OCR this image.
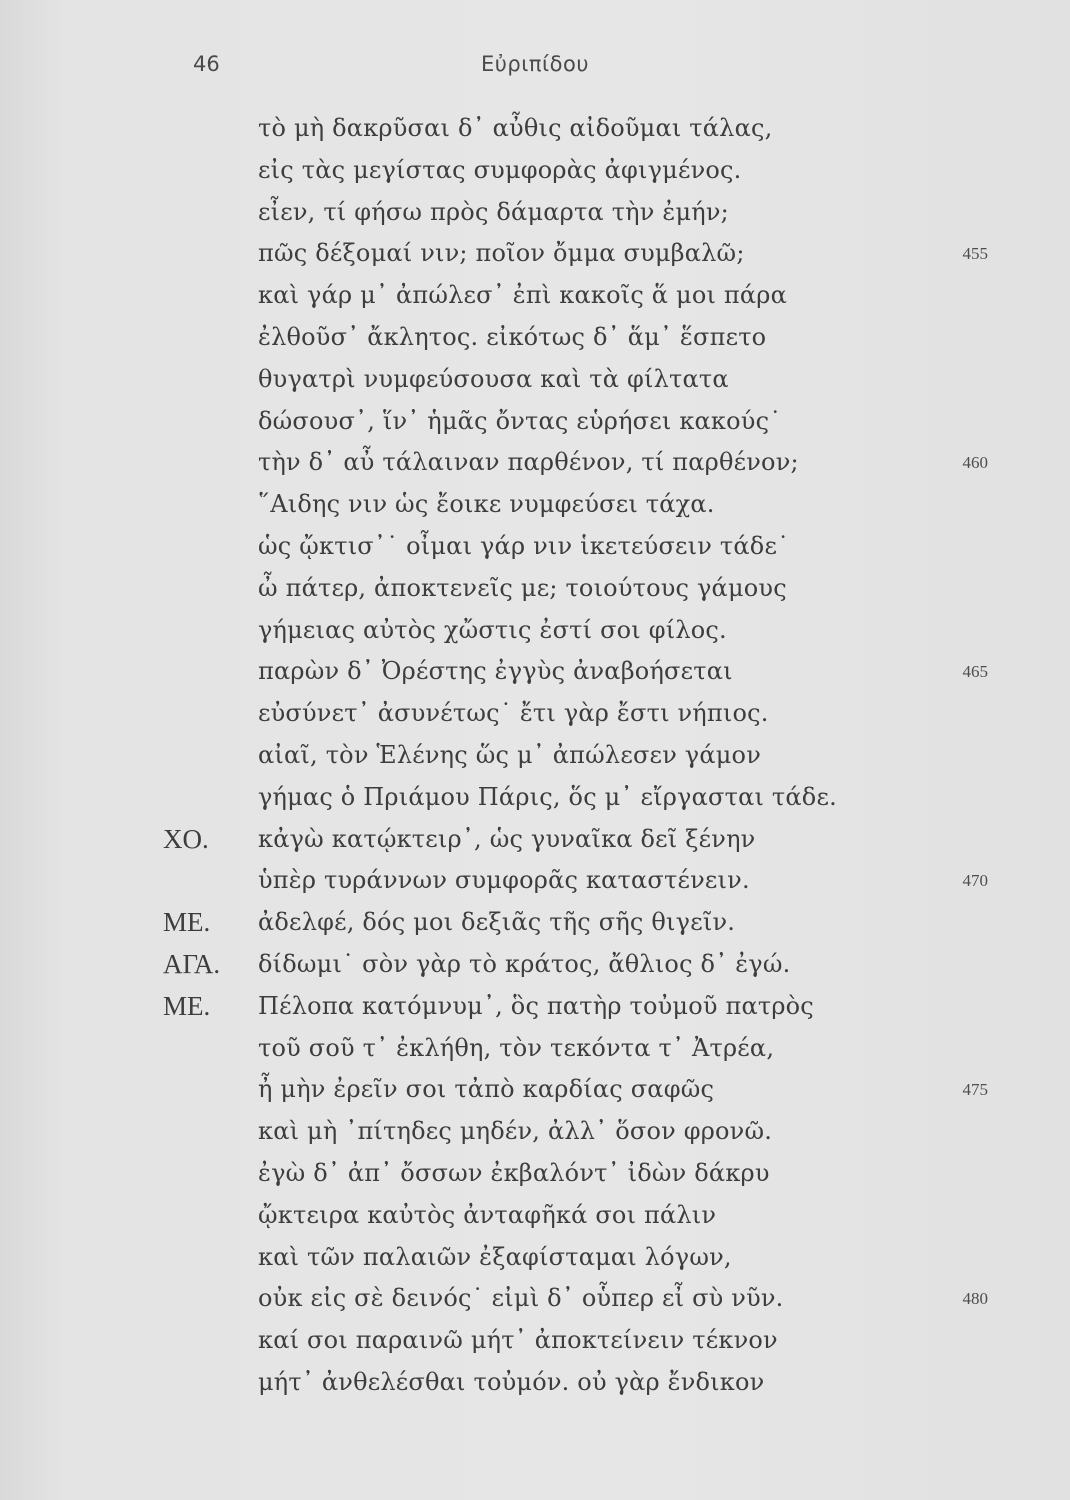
46	Εὐριπίδου
τὸ μὴ δακρῦσαι δ᾽ αὖθις αἰδοῦμαι τάλας,
εἰς τὰς μεγίστας συμφορὰς ἀφιγμένος.
εἶεν, τί φήσω πρὸς δάμαρτα τὴν ἐμήν;
πῶς δέξομαί νιν; ποῖον ὄμμα συμβαλῶ;	455
καὶ γάρ μ᾽ ἀπώλεσ᾽ ἐπὶ κακοῖς ἅ μοι πάρα
ἐλθοῦσ᾽ ἄκλητος. εἰκότως δ᾽ ἅμ᾽ ἕσπετο
θυγατρὶ νυμφεύσουσα καὶ τὰ φίλτατα
δώσουσ᾽, ἵν᾽ ἡμᾶς ὄντας εὑρήσει κακούς˙
τὴν δ᾽ αὖ τάλαιναν παρθένον, τί παρθένον;	460
῞Αιδης νιν ὡς ἔοικε νυμφεύσει τάχα.
ὡς ᾤκτισ᾽˙ οἶμαι γάρ νιν ἱκετεύσειν τάδε˙
ὦ πάτερ, ἀποκτενεῖς με; τοιούτους γάμους
γήμειας αὐτὸς χὤστις ἐστί σοι φίλος.
παρὼν δ᾽ Ὀρέστης ἐγγὺς ἀναβοήσεται	465
εὐσύνετ᾽ ἀσυνέτως˙ ἔτι γὰρ ἔστι νήπιος.
αἰαῖ, τὸν Ἑλένης ὥς μ᾽ ἀπώλεσεν γάμον
γήμας ὁ Πριάμου Πάρις, ὅς μ᾽ εἴργασται τάδε.
ΧΟ. κἀγὼ κατῴκτειρ᾽, ὡς γυναῖκα δεῖ ξένην
ὑπὲρ τυράννων συμφορᾶς καταστένειν.	470
ΜΕ. ἀδελφέ, δός μοι δεξιᾶς τῆς σῆς θιγεῖν.
ΑΓΑ. δίδωμι˙ σὸν γὰρ τὸ κράτος, ἄθλιος δ᾽ ἐγώ.
ΜΕ. Πέλοπα κατόμνυμ᾽, ὃς πατὴρ τοὐμοῦ πατρὸς
τοῦ σοῦ τ᾽ ἐκλήθη, τὸν τεκόντα τ᾽ Ἀτρέα,
ἦ μὴν ἐρεῖν σοι τἀπὸ καρδίας σαφῶς	475
καὶ μὴ ᾽πίτηδες μηδέν, ἀλλ᾽ ὅσον φρονῶ.
ἐγὼ δ᾽ ἀπ᾽ ὄσσων ἐκβαλόντ᾽ ἰδὼν δάκρυ
ᾤκτειρα καὐτὸς ἀνταφῆκά σοι πάλιν
καὶ τῶν παλαιῶν ἐξαφίσταμαι λόγων,
οὐκ εἰς σὲ δεινός˙ εἰμὶ δ᾽ οὗπερ εἶ σὺ νῦν.	480
καί σοι παραινῶ μήτ᾽ ἀποκτείνειν τέκνον
μήτ᾽ ἀνθελέσθαι τοὐμόν. οὐ γὰρ ἔνδικον
